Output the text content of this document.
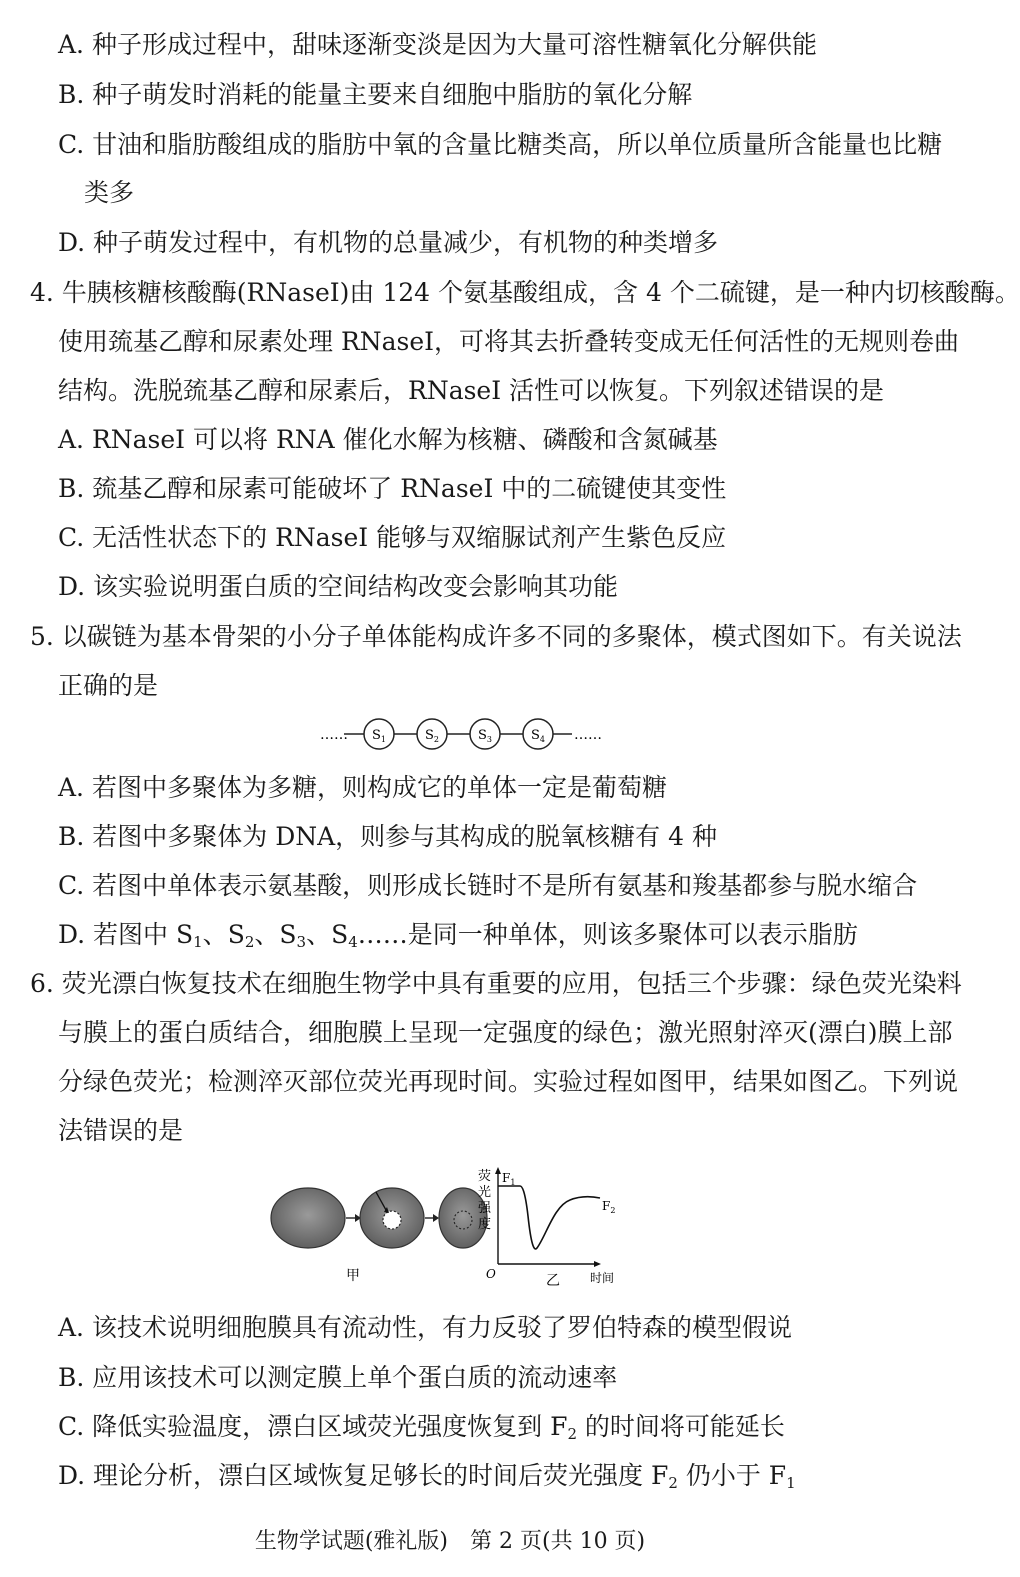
A. 种子形成过程中，甜味逐渐变淡是因为大量可溶性糖氧化分解供能
B. 种子萌发时消耗的能量主要来自细胞中脂肪的氧化分解
C. 甘油和脂肪酸组成的脂肪中氧的含量比糖类高，所以单位质量所含能量也比糖
类多
D. 种子萌发过程中，有机物的总量减少，有机物的种类增多
4. 牛胰核糖核酸酶(RNaseI)由 124 个氨基酸组成，含 4 个二硫键，是一种内切核酸酶。
使用巯基乙醇和尿素处理 RNaseI，可将其去折叠转变成无任何活性的无规则卷曲
结构。洗脱巯基乙醇和尿素后，RNaseI 活性可以恢复。下列叙述错误的是
A. RNaseI 可以将 RNA 催化水解为核糖、磷酸和含氮碱基
B. 巯基乙醇和尿素可能破坏了 RNaseI 中的二硫键使其变性
C. 无活性状态下的 RNaseI 能够与双缩脲试剂产生紫色反应
D. 该实验说明蛋白质的空间结构改变会影响其功能
5. 以碳链为基本骨架的小分子单体能构成许多不同的多聚体，模式图如下。有关说法
正确的是
……	……
$S_1$	$S_2$	$S_3$	$S_4$
A. 若图中多聚体为多糖，则构成它的单体一定是葡萄糖
B. 若图中多聚体为 DNA，则参与其构成的脱氧核糖有 4 种
C. 若图中单体表示氨基酸，则形成长链时不是所有氨基和羧基都参与脱水缩合
D. 若图中 $S_1$、$S_2$、$S_3$、$S_4\dots\dots$是同一种单体，则该多聚体可以表示脂肪
6. 荧光漂白恢复技术在细胞生物学中具有重要的应用，包括三个步骤：绿色荧光染料
与膜上的蛋白质结合，细胞膜上呈现一定强度的绿色；激光照射淬灭(漂白)膜上部
分绿色荧光；检测淬灭部位荧光再现时间。实验过程如图甲，结果如图乙。下列说
法错误的是
甲
荧
光
强
度
$F_1$
$F_2$
O	乙	时间
A. 该技术说明细胞膜具有流动性，有力反驳了罗伯特森的模型假说
B. 应用该技术可以测定膜上单个蛋白质的流动速率
C. 降低实验温度，漂白区域荧光强度恢复到 $F_2$ 的时间将可能延长
D. 理论分析，漂白区域恢复足够长的时间后荧光强度 $F_2$ 仍小于 $F_1$
生物学试题(雅礼版)　第 2 页(共 10 页)
